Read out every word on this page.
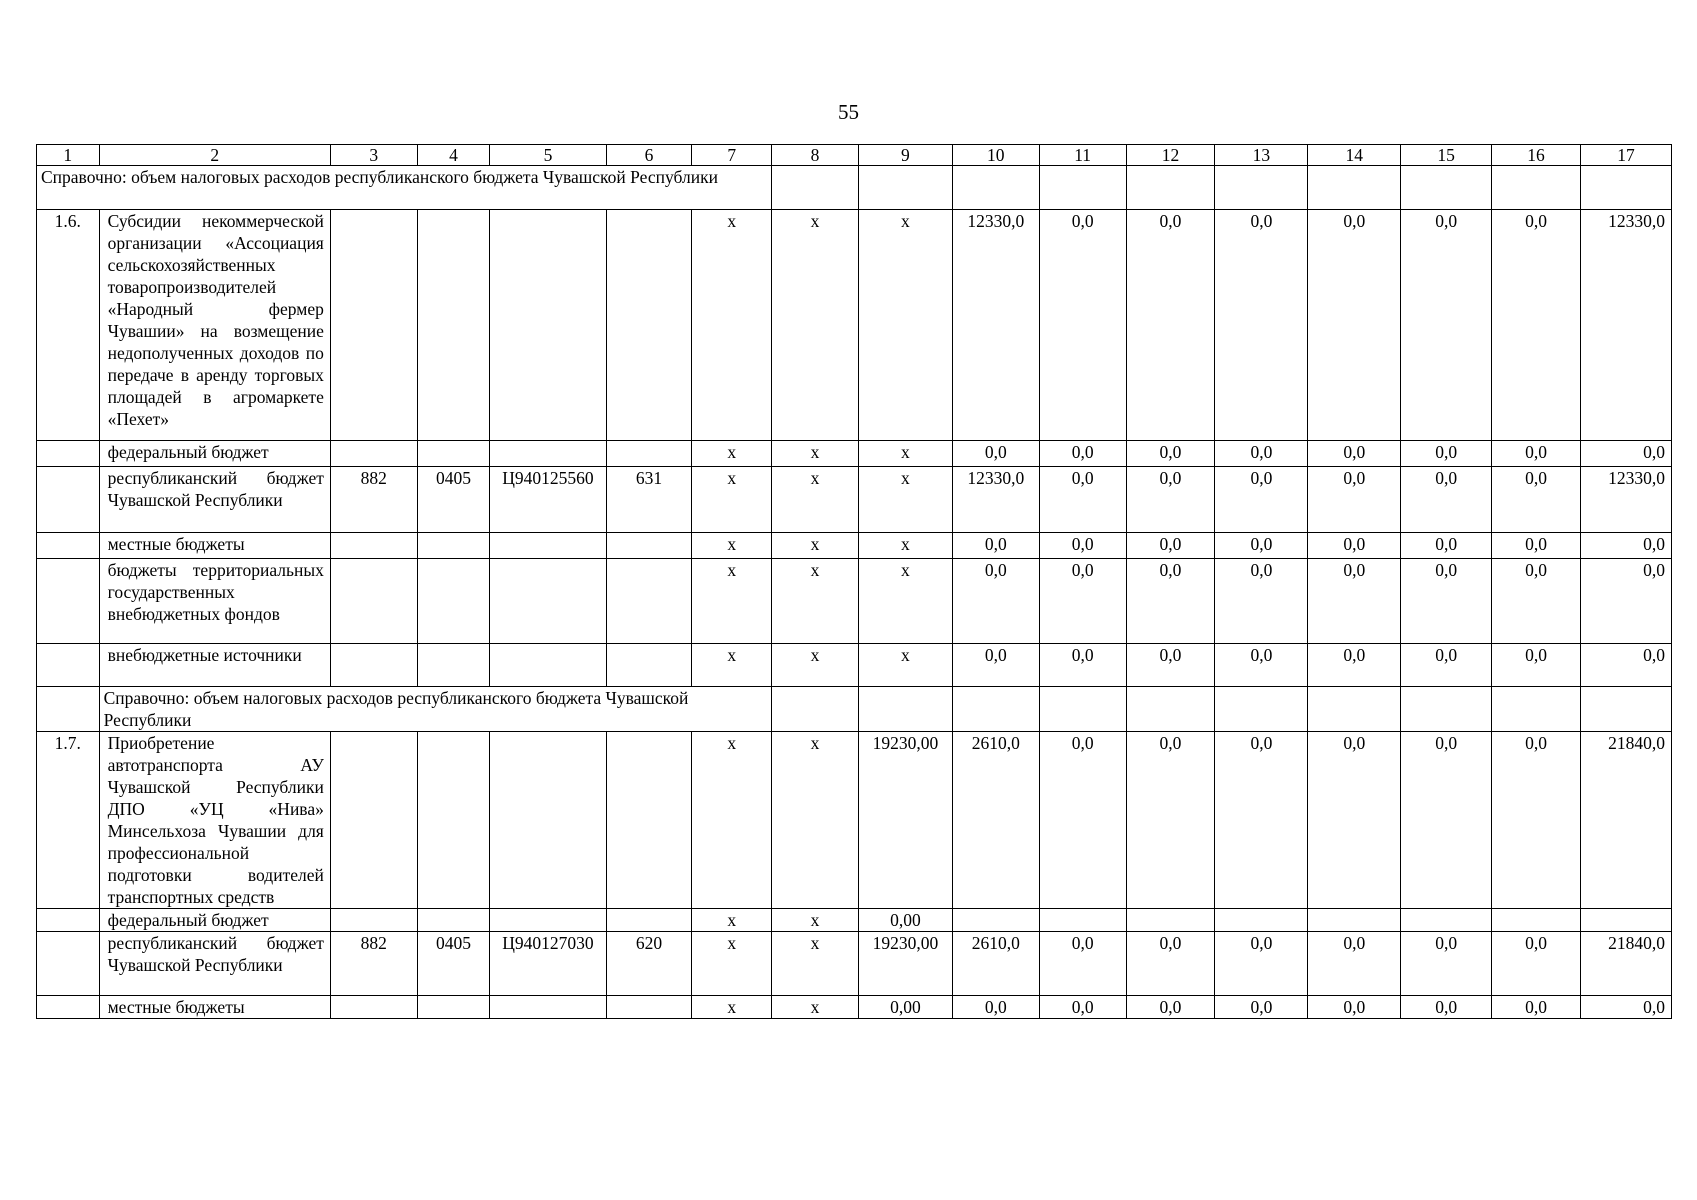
55
1	2	3	4	5	6	7	8	9	10	11	12	13	14	15	16	17
Справочно: объем налоговых расходов республиканского бюджета Чувашской Республики																
1.6.	Субсидии некоммерческой организации «Ассоциация сельскохозяйственных товаропроизводителей «Народный фермер Чувашии» на возмещение недополученных доходов по передаче в аренду торговых площадей в агромаркете «Пехет»					x	x	x	12330,0	0,0	0,0	0,0	0,0	0,0	0,0	12330,0
	федеральный бюджет					x	x	x	0,0	0,0	0,0	0,0	0,0	0,0	0,0	0,0
	республиканский бюджет Чувашской Республики	882	0405	Ц940125560	631	x	x	x	12330,0	0,0	0,0	0,0	0,0	0,0	0,0	12330,0
	местные бюджеты					x	x	x	0,0	0,0	0,0	0,0	0,0	0,0	0,0	0,0
	бюджеты территориальных государственных внебюджетных фондов					x	x	x	0,0	0,0	0,0	0,0	0,0	0,0	0,0	0,0
	внебюджетные источники					x	x	x	0,0	0,0	0,0	0,0	0,0	0,0	0,0	0,0
	Справочно: объем налоговых расходов республиканского бюджета Чувашской Республики															
1.7.	Приобретение автотранспорта АУ Чувашской Республики ДПО «УЦ «Нива» Минсельхоза Чувашии для профессиональной подготовки водителей транспортных средств					x	x	19230,00	2610,0	0,0	0,0	0,0	0,0	0,0	0,0	21840,0
	федеральный бюджет					x	x	0,00								
	республиканский бюджет Чувашской Республики	882	0405	Ц940127030	620	x	x	19230,00	2610,0	0,0	0,0	0,0	0,0	0,0	0,0	21840,0
	местные бюджеты					x	x	0,00	0,0	0,0	0,0	0,0	0,0	0,0	0,0	0,0
